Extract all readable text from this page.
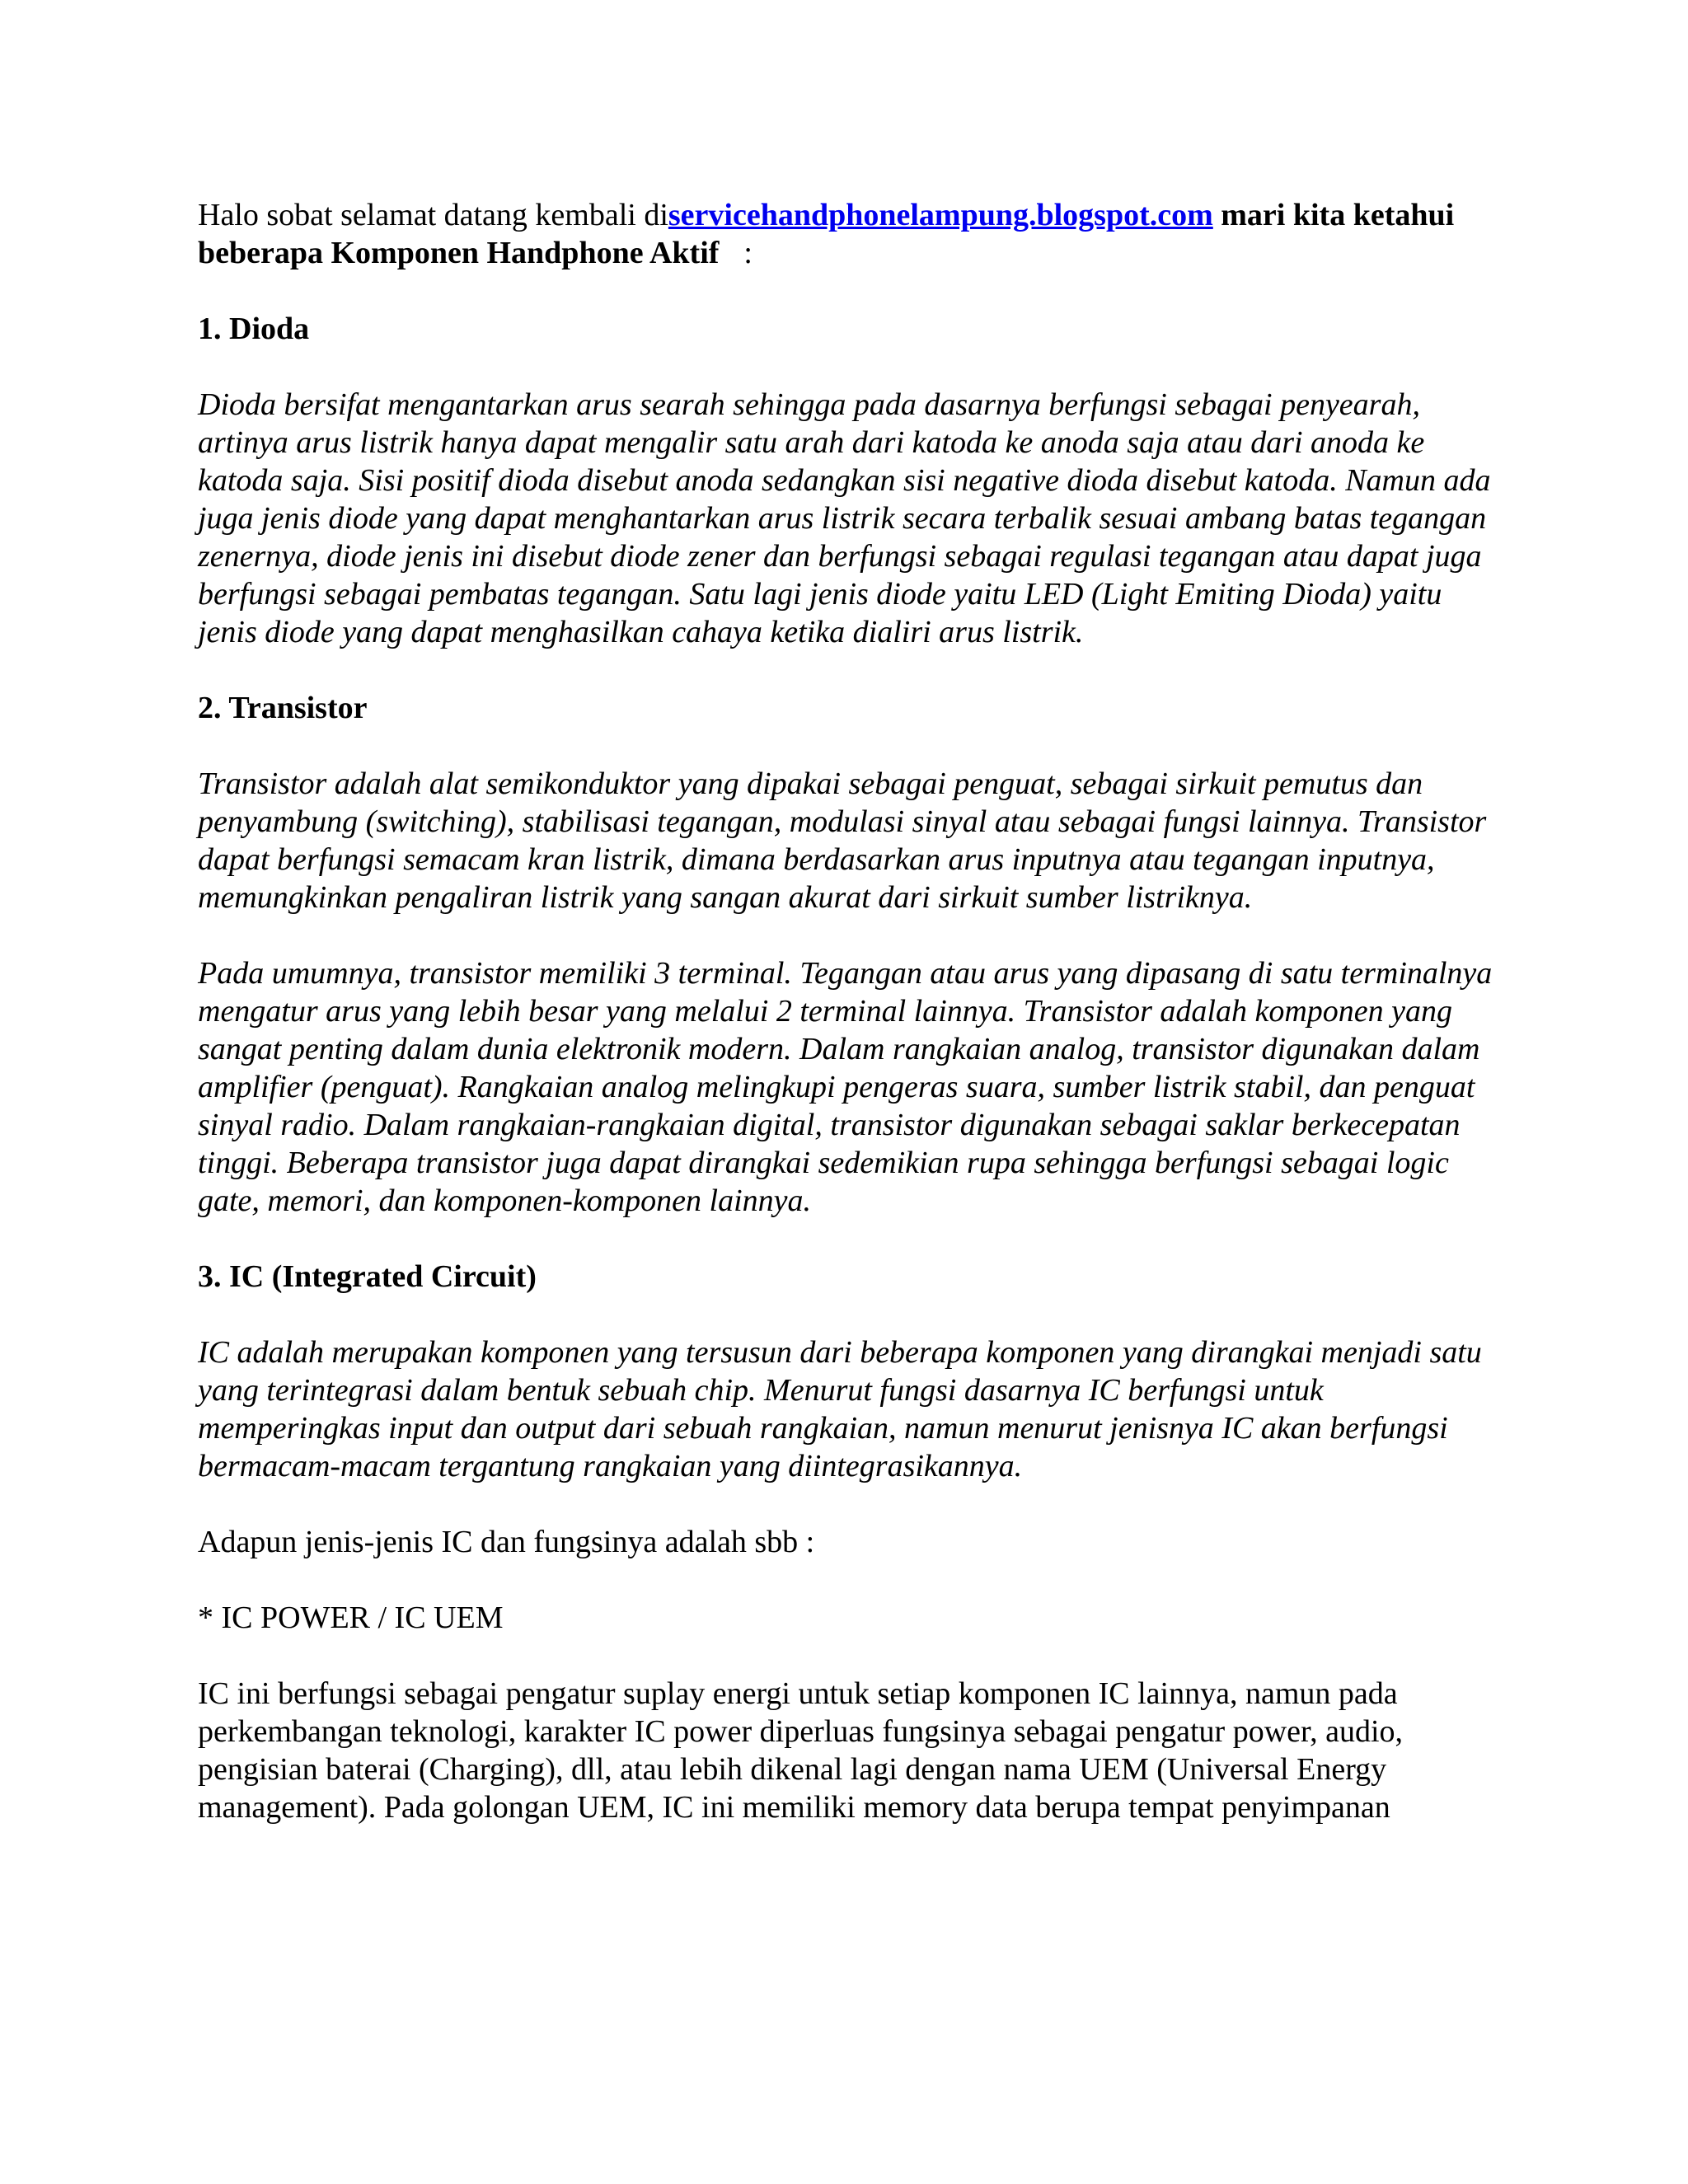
Halo sobat selamat datang kembali diservicehandphonelampung.blogspot.com mari kita ketahui beberapa Komponen Handphone Aktif :

1. Dioda

Dioda bersifat mengantarkan arus searah sehingga pada dasarnya berfungsi sebagai penyearah, artinya arus listrik hanya dapat mengalir satu arah dari katoda ke anoda saja atau dari anoda ke katoda saja. Sisi positif dioda disebut anoda sedangkan sisi negative dioda disebut katoda. Namun ada juga jenis diode yang dapat menghantarkan arus listrik secara terbalik sesuai ambang batas tegangan zenernya, diode jenis ini disebut diode zener dan berfungsi sebagai regulasi tegangan atau dapat juga berfungsi sebagai pembatas tegangan. Satu lagi jenis diode yaitu LED (Light Emiting Dioda) yaitu jenis diode yang dapat menghasilkan cahaya ketika dialiri arus listrik.

2. Transistor

Transistor adalah alat semikonduktor yang dipakai sebagai penguat, sebagai sirkuit pemutus dan penyambung (switching), stabilisasi tegangan, modulasi sinyal atau sebagai fungsi lainnya. Transistor dapat berfungsi semacam kran listrik, dimana berdasarkan arus inputnya atau tegangan inputnya, memungkinkan pengaliran listrik yang sangan akurat dari sirkuit sumber listriknya.

Pada umumnya, transistor memiliki 3 terminal. Tegangan atau arus yang dipasang di satu terminalnya mengatur arus yang lebih besar yang melalui 2 terminal lainnya. Transistor adalah komponen yang sangat penting dalam dunia elektronik modern. Dalam rangkaian analog, transistor digunakan dalam amplifier (penguat). Rangkaian analog melingkupi pengeras suara, sumber listrik stabil, dan penguat sinyal radio. Dalam rangkaian-rangkaian digital, transistor digunakan sebagai saklar berkecepatan tinggi. Beberapa transistor juga dapat dirangkai sedemikian rupa sehingga berfungsi sebagai logic gate, memori, dan komponen-komponen lainnya.

3. IC (Integrated Circuit)

IC adalah merupakan komponen yang tersusun dari beberapa komponen yang dirangkai menjadi satu yang terintegrasi dalam bentuk sebuah chip. Menurut fungsi dasarnya IC berfungsi untuk memperingkas input dan output dari sebuah rangkaian, namun menurut jenisnya IC akan berfungsi bermacam-macam tergantung rangkaian yang diintegrasikannya.

Adapun jenis-jenis IC dan fungsinya adalah sbb :

* IC POWER / IC UEM

IC ini berfungsi sebagai pengatur suplay energi untuk setiap komponen IC lainnya, namun pada perkembangan teknologi, karakter IC power diperluas fungsinya sebagai pengatur power, audio, pengisian baterai (Charging), dll, atau lebih dikenal lagi dengan nama UEM (Universal Energy management). Pada golongan UEM, IC ini memiliki memory data berupa tempat penyimpanan
